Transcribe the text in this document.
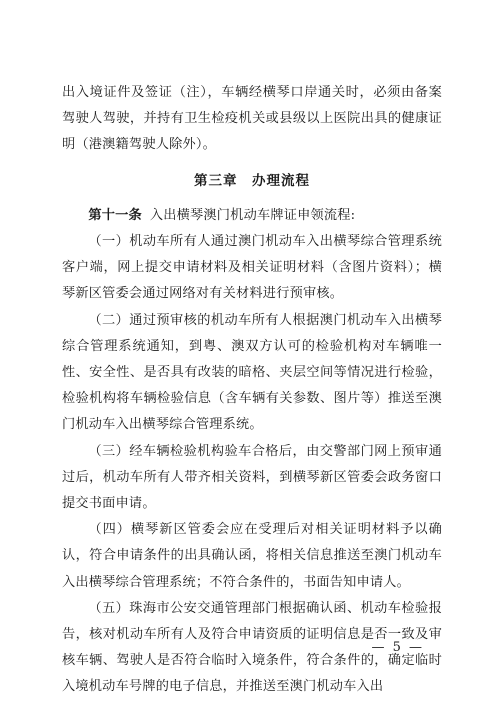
出入境证件及签证（注），车辆经横琴口岸通关时，必须由备案驾驶人驾驶，并持有卫生检疫机关或县级以上医院出具的健康证明（港澳籍驾驶人除外）。

第三章　办理流程

第十一条 入出横琴澳门机动车牌证申领流程:

（一）机动车所有人通过澳门机动车入出横琴综合管理系统客户端，网上提交申请材料及相关证明材料（含图片资料）；横琴新区管委会通过网络对有关材料进行预审核。

（二）通过预审核的机动车所有人根据澳门机动车入出横琴综合管理系统通知，到粤、澳双方认可的检验机构对车辆唯一性、安全性、是否具有改装的暗格、夹层空间等情况进行检验，检验机构将车辆检验信息（含车辆有关参数、图片等）推送至澳门机动车入出横琴综合管理系统。

（三）经车辆检验机构验车合格后，由交警部门网上预审通过后，机动车所有人带齐相关资料，到横琴新区管委会政务窗口提交书面申请。

（四）横琴新区管委会应在受理后对相关证明材料予以确认，符合申请条件的出具确认函，将相关信息推送至澳门机动车入出横琴综合管理系统；不符合条件的，书面告知申请人。

（五）珠海市公安交通管理部门根据确认函、机动车检验报告，核对机动车所有人及符合申请资质的证明信息是否一致及审核车辆、驾驶人是否符合临时入境条件，符合条件的，确定临时入境机动车号牌的电子信息，并推送至澳门机动车入出

— 5 —
